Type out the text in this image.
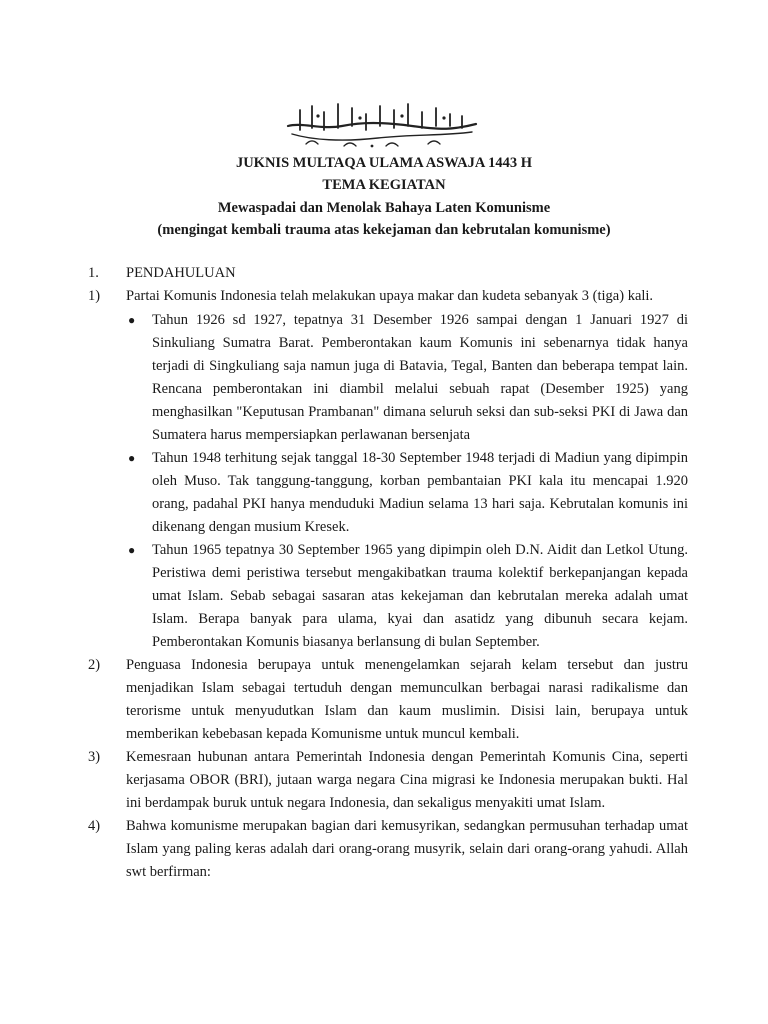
JUKNIS MULTAQA ULAMA ASWAJA 1443 H
TEMA KEGIATAN
Mewaspadai dan Menolak Bahaya Laten Komunisme
(mengingat kembali trauma atas kekejaman dan kebrutalan komunisme)
1.	PENDAHULUAN
1)	Partai Komunis Indonesia telah melakukan upaya makar dan kudeta sebanyak 3 (tiga) kali.
●	Tahun 1926 sd 1927, tepatnya 31 Desember 1926 sampai dengan 1 Januari 1927 di Sinkuliang Sumatra Barat. Pemberontakan kaum Komunis ini sebenarnya tidak hanya terjadi di Singkuliang saja namun juga di Batavia, Tegal, Banten dan beberapa tempat lain. Rencana pemberontakan ini diambil melalui sebuah rapat (Desember 1925) yang menghasilkan "Keputusan Prambanan" dimana seluruh seksi dan sub-seksi PKI di Jawa dan Sumatera harus mempersiapkan perlawanan bersenjata
●	Tahun 1948 terhitung sejak tanggal 18-30 September 1948 terjadi di Madiun yang dipimpin oleh Muso. Tak tanggung-tanggung, korban pembantaian PKI kala itu mencapai 1.920 orang, padahal PKI hanya menduduki Madiun selama 13 hari saja. Kebrutalan komunis ini dikenang dengan musium Kresek.
●	Tahun 1965 tepatnya 30 September 1965 yang dipimpin oleh D.N. Aidit dan Letkol Utung. Peristiwa demi peristiwa tersebut mengakibatkan trauma kolektif berkepanjangan kepada umat Islam. Sebab sebagai sasaran atas kekejaman dan kebrutalan mereka adalah umat Islam. Berapa banyak para ulama, kyai dan asatidz yang dibunuh secara kejam. Pemberontakan Komunis biasanya berlansung di bulan September.
2)	Penguasa Indonesia berupaya untuk menengelamkan sejarah kelam tersebut dan justru menjadikan Islam sebagai tertuduh dengan memunculkan berbagai narasi radikalisme dan terorisme untuk menyudutkan Islam dan kaum muslimin. Disisi lain, berupaya untuk memberikan kebebasan kepada Komunisme untuk muncul kembali.
3)	Kemesraan hubunan antara Pemerintah Indonesia dengan Pemerintah Komunis Cina, seperti kerjasama OBOR (BRI), jutaan warga negara Cina migrasi ke Indonesia merupakan bukti. Hal ini berdampak buruk untuk negara Indonesia, dan sekaligus menyakiti umat Islam.
4)	Bahwa komunisme merupakan bagian dari kemusyrikan, sedangkan permusuhan terhadap umat Islam yang paling keras adalah dari orang-orang musyrik, selain dari orang-orang yahudi. Allah swt berfirman:
